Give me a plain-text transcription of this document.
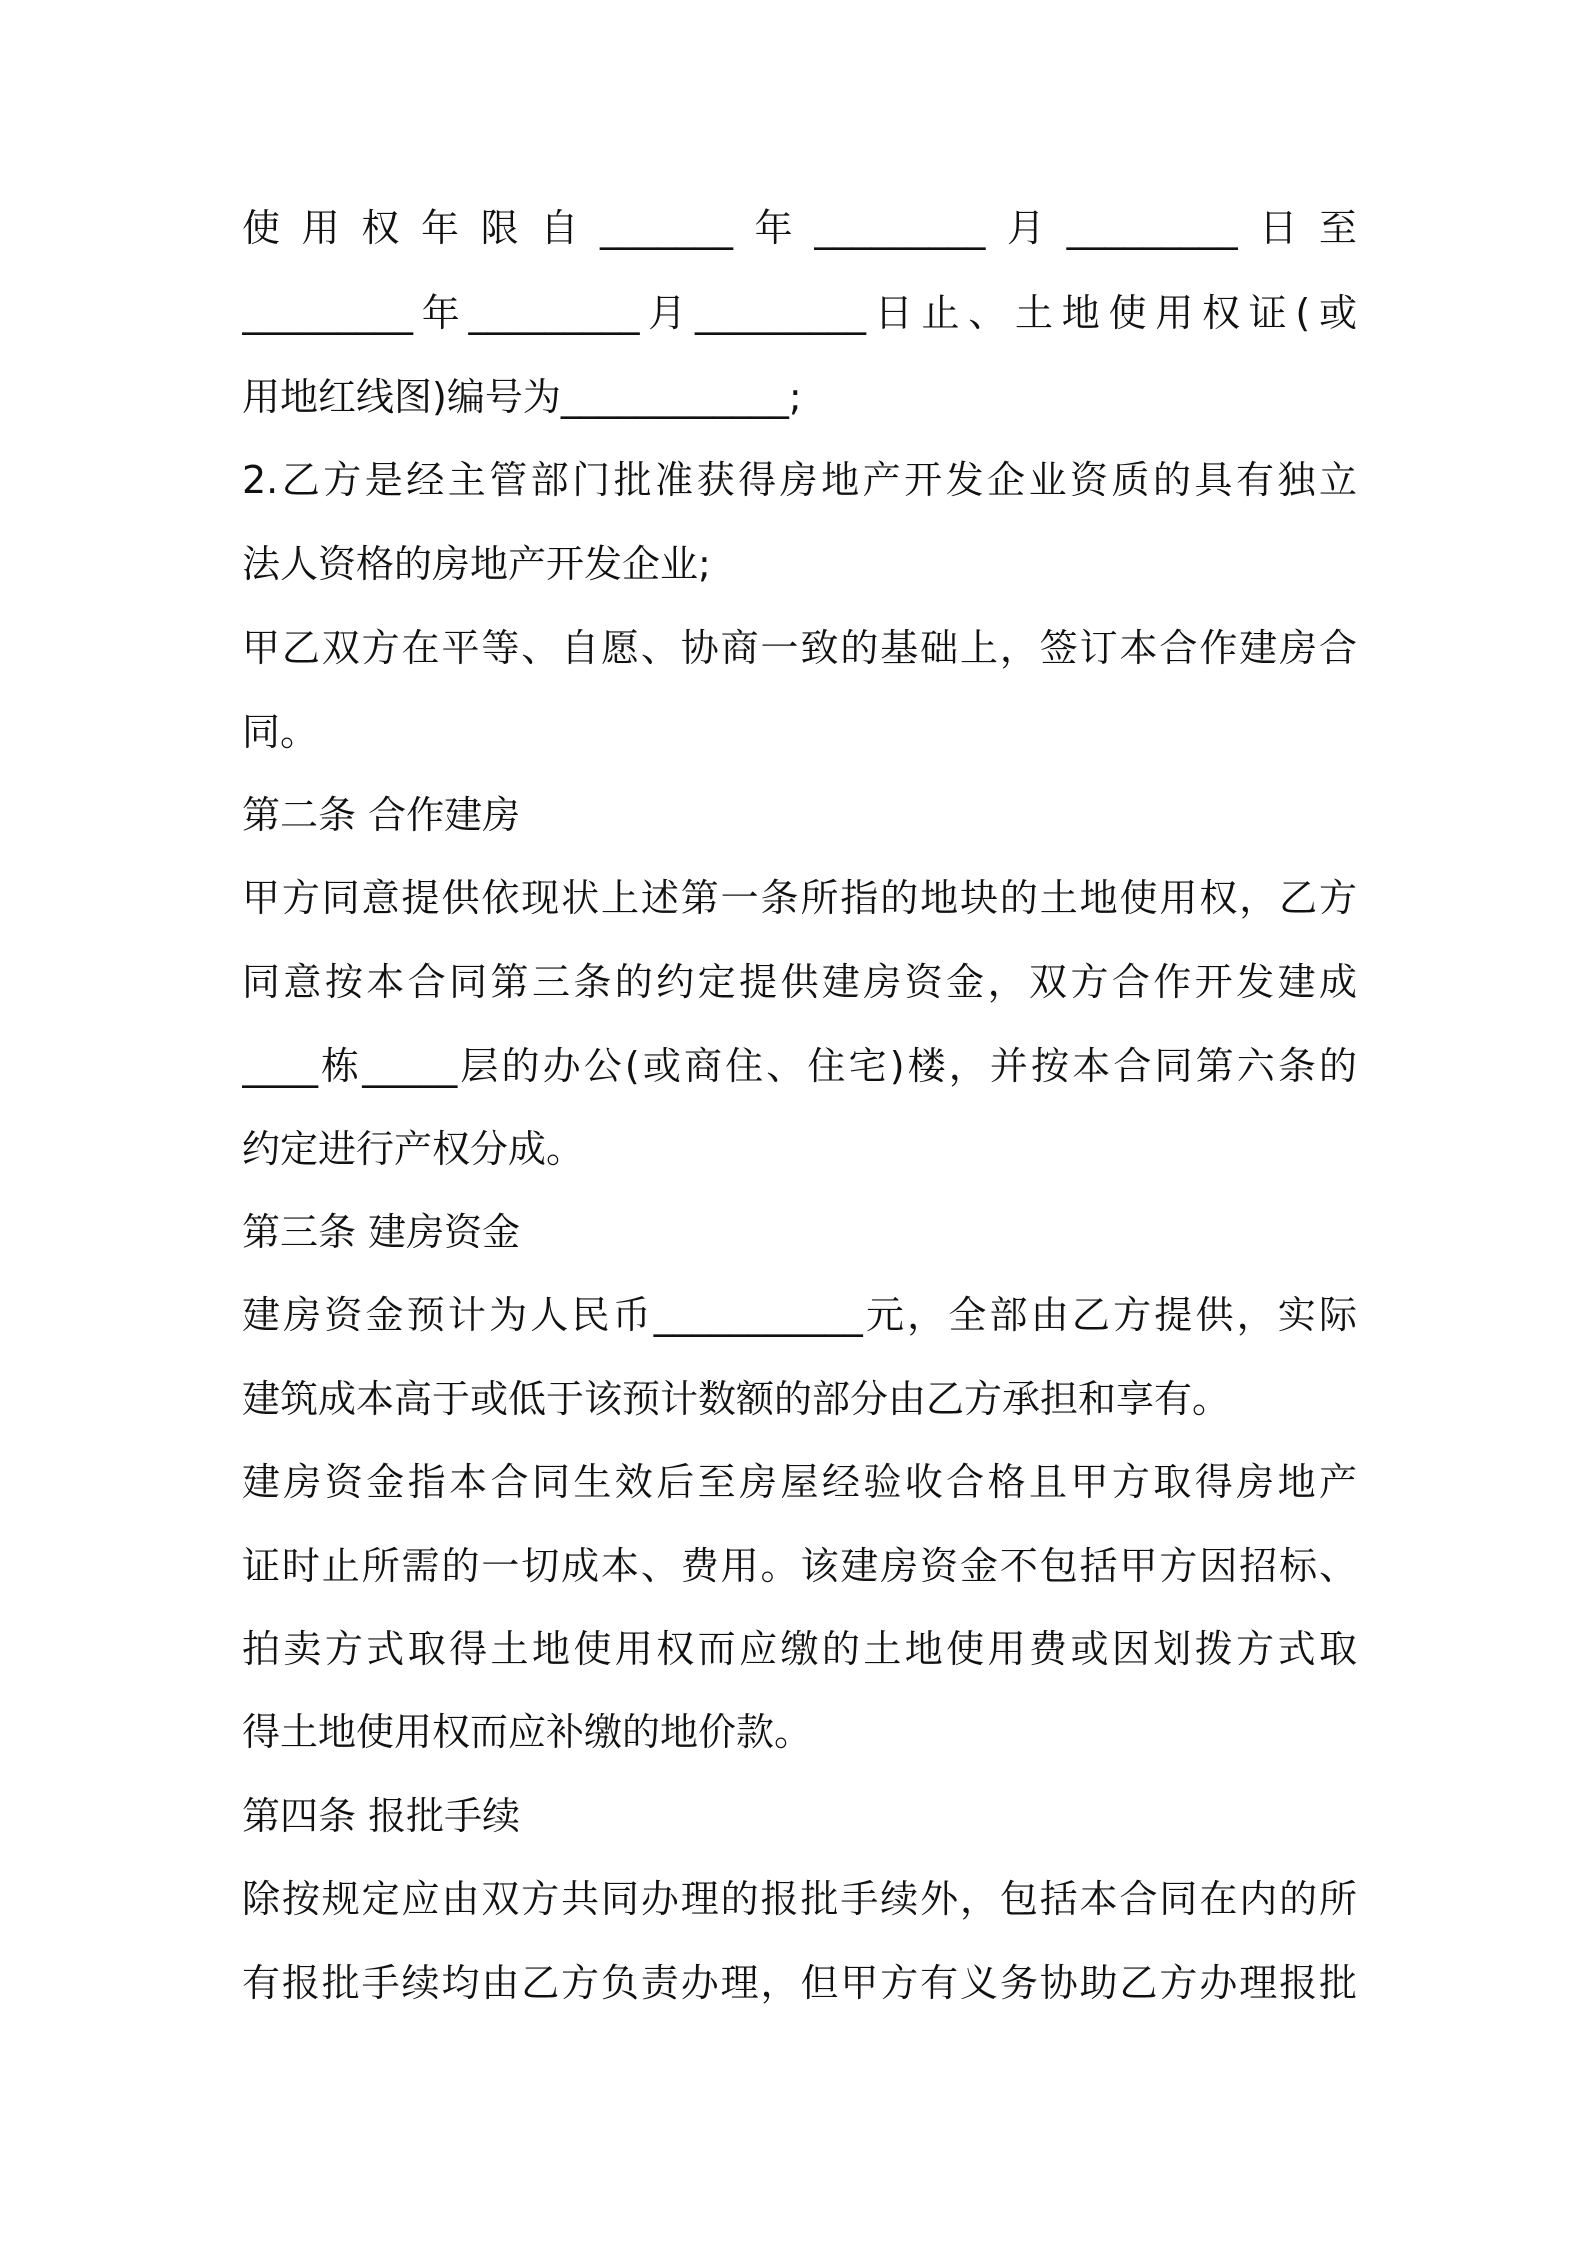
使用权年限自_______年_________月_________日至
_________年_________月_________日止、土地使用权证(或
用地红线图)编号为____________;
2.乙方是经主管部门批准获得房地产开发企业资质的具有独立
法人资格的房地产开发企业;
甲乙双方在平等、自愿、协商一致的基础上，签订本合作建房合
同。
第二条 合作建房
甲方同意提供依现状上述第一条所指的地块的土地使用权，乙方
同意按本合同第三条的约定提供建房资金，双方合作开发建成
____栋_____层的办公(或商住、住宅)楼，并按本合同第六条的
约定进行产权分成。
第三条 建房资金
建房资金预计为人民币___________元，全部由乙方提供，实际
建筑成本高于或低于该预计数额的部分由乙方承担和享有。
建房资金指本合同生效后至房屋经验收合格且甲方取得房地产
证时止所需的一切成本、费用。该建房资金不包括甲方因招标、
拍卖方式取得土地使用权而应缴的土地使用费或因划拨方式取
得土地使用权而应补缴的地价款。
第四条 报批手续
除按规定应由双方共同办理的报批手续外，包括本合同在内的所
有报批手续均由乙方负责办理，但甲方有义务协助乙方办理报批
